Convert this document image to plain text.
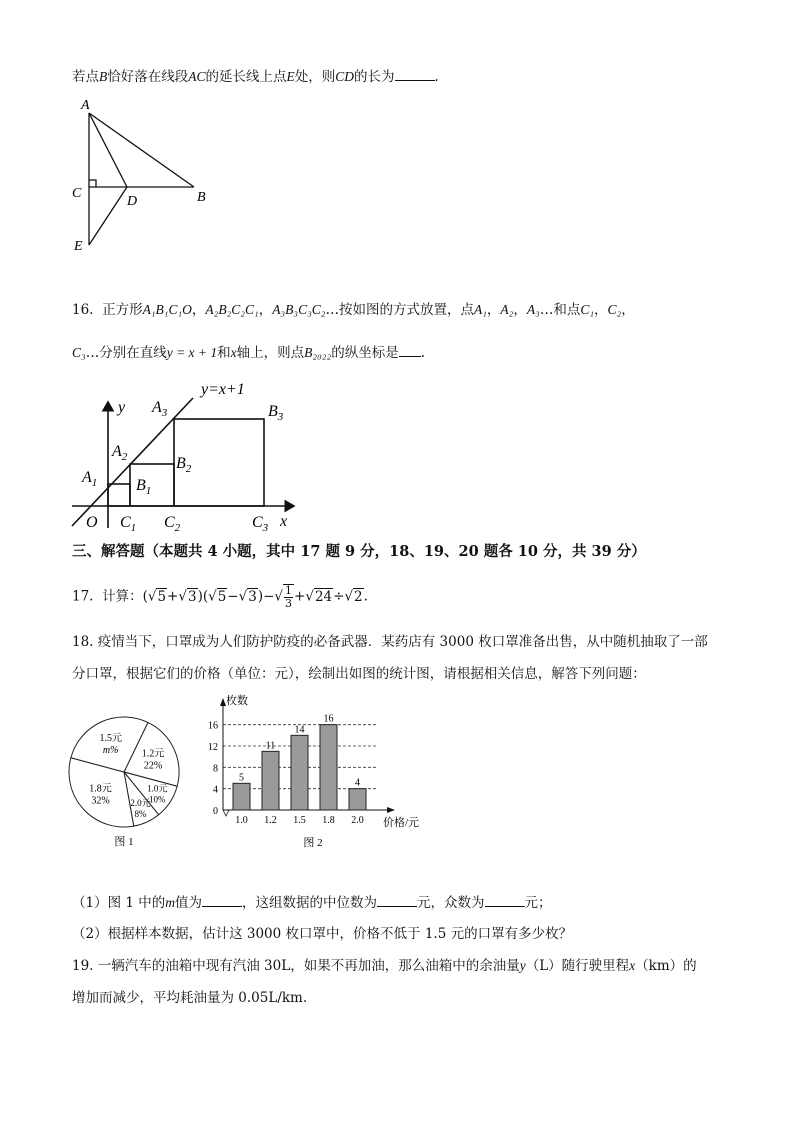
若点B恰好落在线段AC的延长线上点E处，则CD的长为	.
A
C
D	B
E
16. 正方形A₁B₁C₁O，A₂B₂C₂C₁，A₃B₃C₃C₂…按如图的方式放置，点A₁，A₂，A₃…和点C₁，C₂，
C₃…分别在直线y = x + 1和x轴上，则点B₂₀₂₂的纵坐标是 .
y=x+1
y
x
O
$A_1$
$A_2$
$A_3$
$B_1$
$B_2$
$B_3$
$C_1$ $C_2$	$C_3$
三、解答题（本题共 4 小题，其中 17 题 9 分，18、19、20 题各 10 分，共 39 分）
17. 计算：$(√5+√3)(√5-√3)-√ \frac{1}{3} +√24\div√2$.
18. 疫情当下，口罩成为人们防护防疫的必备武器．某药店有 3000 枚口罩准备出售，从中随机抽取了一部
分口罩，根据它们的价格（单位：元），绘制出如图的统计图，请根据相关信息，解答下列问题：
1.2元
22%
1.0元
10%
2.0元
8%
1.8元
32%
1.5元
m%
图 1
0
4
8
12
16
枚数
价格/元
5
1.0
11
1.2
14
1.5
16
1.8
4
2.0
图 2
（1）图 1 中的m值为	，这组数据的中位数为	元，众数为	元；
（2）根据样本数据，估计这 3000 枚口罩中，价格不低于 1.5 元的口罩有多少枚？
19. 一辆汽车的油箱中现有汽油 30L，如果不再加油，那么油箱中的余油量y（L）随行驶里程x（km）的
增加而减少，平均耗油量为 0.05L/km.
